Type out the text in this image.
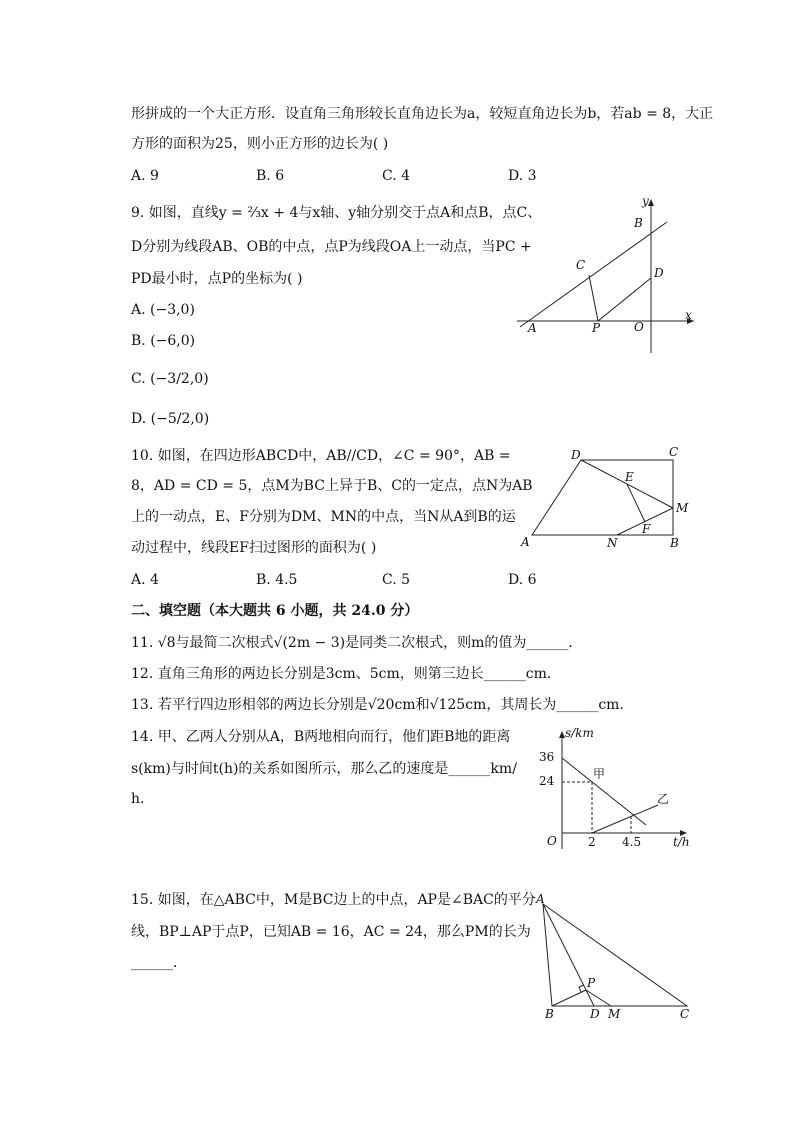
形拼成的一个大正方形．设直角三角形较长直角边长为a，较短直角边长为b，若ab = 8，大正
方形的面积为25，则小正方形的边长为( )
A. 9	B. 6	C. 4	D. 3
9. 如图，直线y = ⅔x + 4与x轴、y轴分别交于点A和点B，点C、
D分别为线段AB、OB的中点，点P为线段OA上一动点，当PC +
PD最小时，点P的坐标为( )
A. (−3,0)
B. (−6,0)
C. (−3/2,0)
D. (−5/2,0)
y
B
C
D
A	P	O
x
10. 如图，在四边形ABCD中，AB//CD，∠C = 90°，AB =
8，AD = CD = 5，点M为BC上异于B、C的一定点，点N为AB
上的一动点，E、F分别为DM、MN的中点，当N从A到B的运
动过程中，线段EF扫过图形的面积为( )
A. 4	B. 4.5	C. 5	D. 6
D	C
E
M
F
A	N	B
二、填空题（本大题共 6 小题，共 24.0 分）
11. √8与最简二次根式√(2m − 3)是同类二次根式，则m的值为______．
12. 直角三角形的两边长分别是3cm、5cm，则第三边长______cm．
13. 若平行四边形相邻的两边长分别是√20cm和√125cm，其周长为______cm．
14. 甲、乙两人分别从A，B两地相向而行，他们距B地的距离
s(km)与时间t(h)的关系如图所示，那么乙的速度是______km/
h．
s/km
36
24	甲
乙
O	2 4.5	t/h
15. 如图，在△ABC中，M是BC边上的中点，AP是∠BAC的平分
线，BP⊥AP于点P，已知AB = 16，AC = 24，那么PM的长为
______．
A
P
B	D M	C
